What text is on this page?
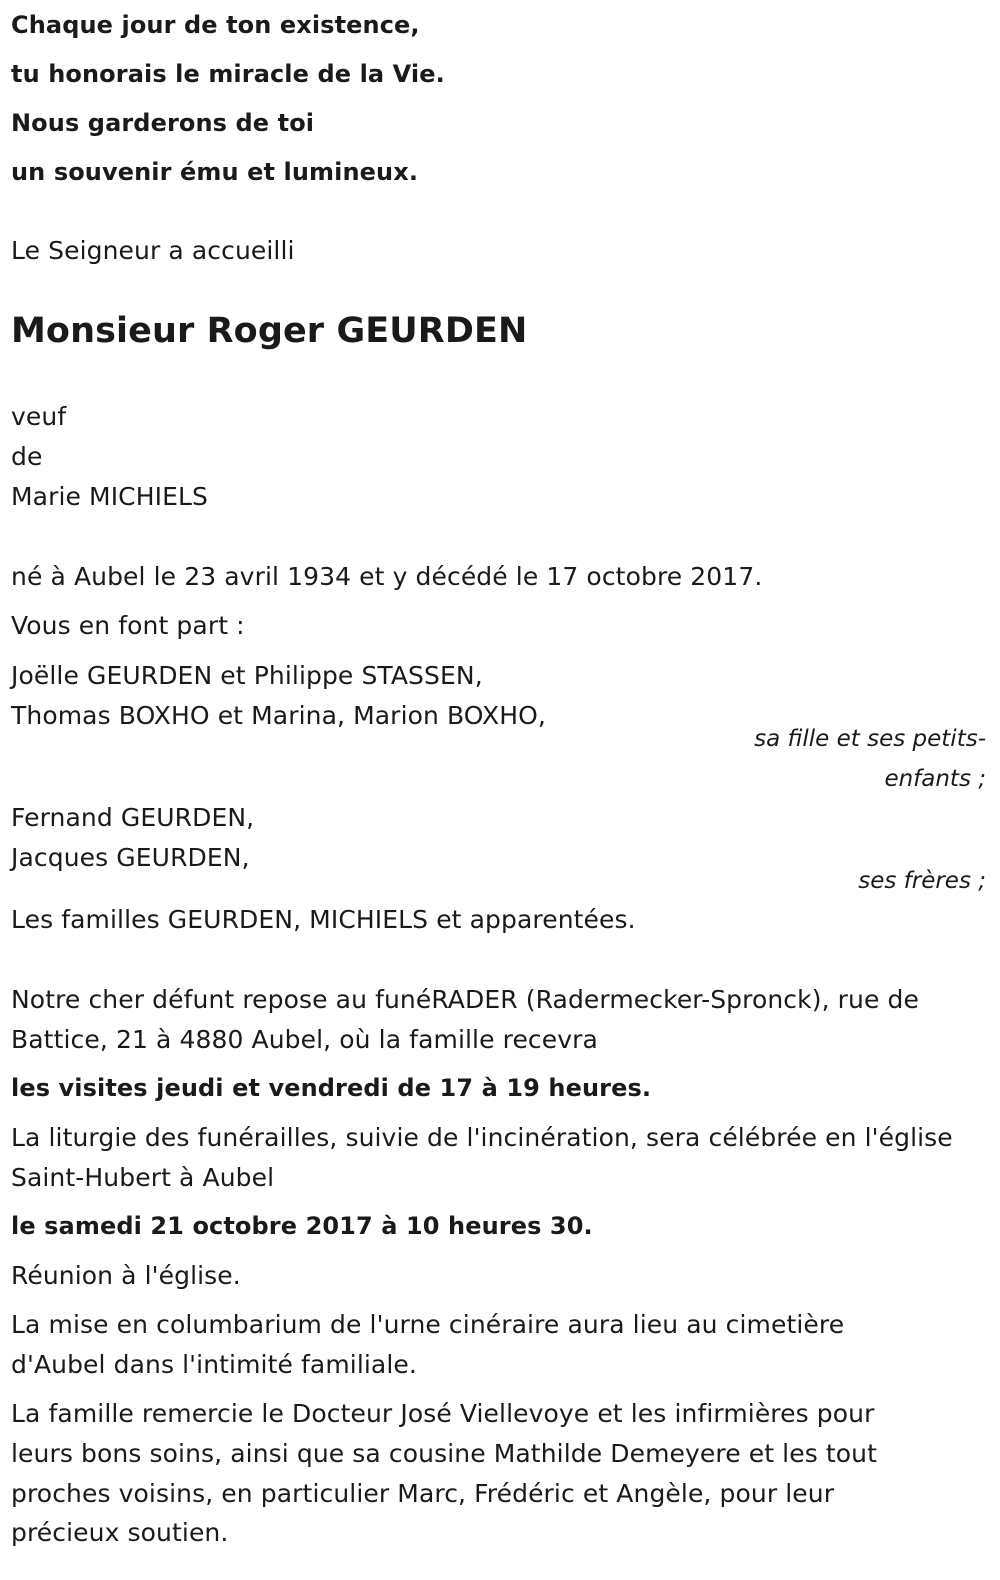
Chaque jour de ton existence,
tu honorais le miracle de la Vie.
Nous garderons de toi
un souvenir ému et lumineux.
Le Seigneur a accueilli
Monsieur Roger GEURDEN
veuf
de
Marie MICHIELS
né à Aubel le 23 avril 1934 et y décédé le 17 octobre 2017.
Vous en font part :
Joëlle GEURDEN et Philippe STASSEN,
Thomas BOXHO et Marina, Marion BOXHO,
sa fille et ses petits-
enfants ;
Fernand GEURDEN,
Jacques GEURDEN,
ses frères ;
Les familles GEURDEN, MICHIELS et apparentées.
Notre cher défunt repose au funéRADER (Radermecker-Spronck), rue de
Battice, 21 à 4880 Aubel, où la famille recevra
les visites jeudi et vendredi de 17 à 19 heures.
La liturgie des funérailles, suivie de l'incinération, sera célébrée en l'église
Saint-Hubert à Aubel
le samedi 21 octobre 2017 à 10 heures 30.
Réunion à l'église.
La mise en columbarium de l'urne cinéraire aura lieu au cimetière
d'Aubel dans l'intimité familiale.
La famille remercie le Docteur José Viellevoye et les infirmières pour
leurs bons soins, ainsi que sa cousine Mathilde Demeyere et les tout
proches voisins, en particulier Marc, Frédéric et Angèle, pour leur
précieux soutien.
